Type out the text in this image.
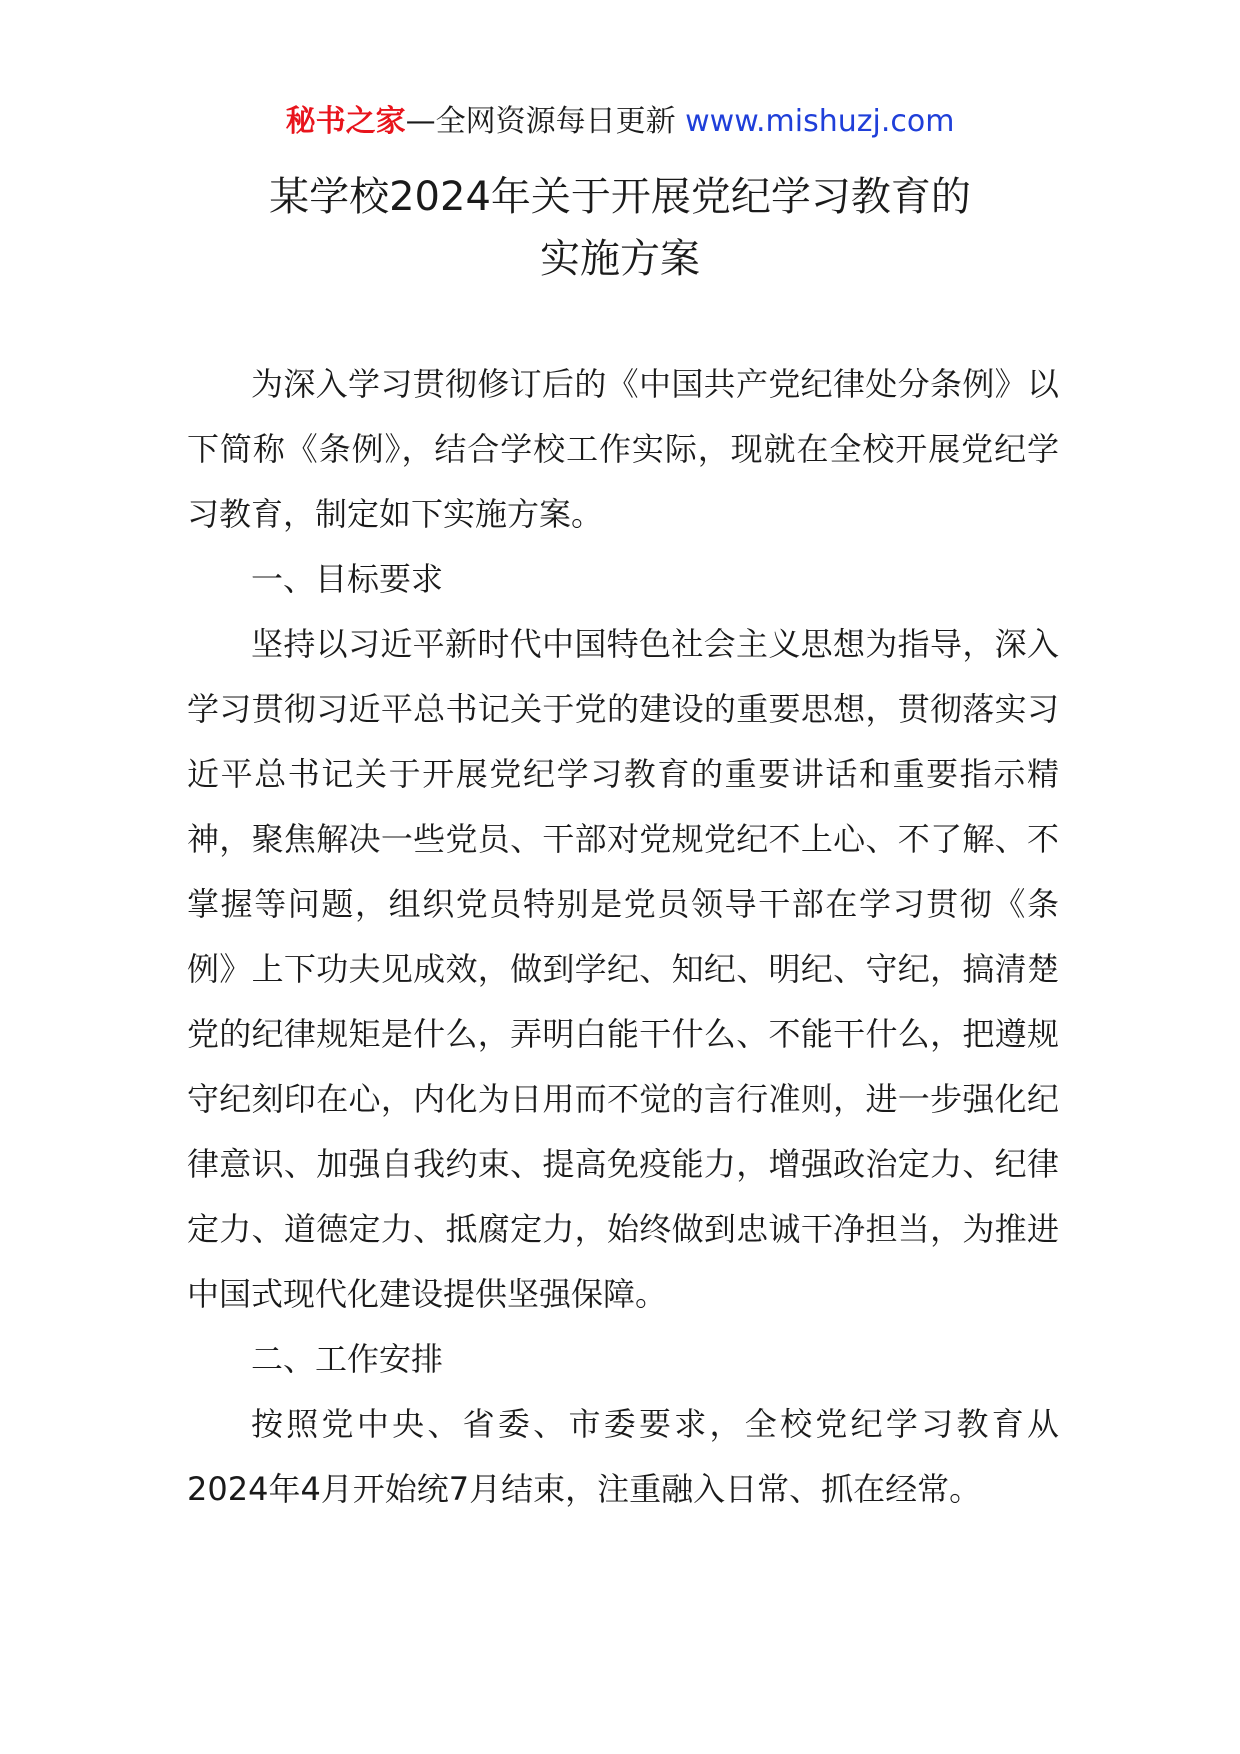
秘书之家—全网资源每日更新 www.mishuzj.com
某学校2024年关于开展党纪学习教育的
实施方案

为深入学习贯彻修订后的《中国共产党纪律处分条例》以下简称《条例》，结合学校工作实际，现就在全校开展党纪学习教育，制定如下实施方案。

一、目标要求

坚持以习近平新时代中国特色社会主义思想为指导，深入学习贯彻习近平总书记关于党的建设的重要思想，贯彻落实习近平总书记关于开展党纪学习教育的重要讲话和重要指示精神，聚焦解决一些党员、干部对党规党纪不上心、不了解、不掌握等问题，组织党员特别是党员领导干部在学习贯彻《条例》上下功夫见成效，做到学纪、知纪、明纪、守纪，搞清楚党的纪律规矩是什么，弄明白能干什么、不能干什么，把遵规守纪刻印在心，内化为日用而不觉的言行准则，进一步强化纪律意识、加强自我约束、提高免疫能力，增强政治定力、纪律定力、道德定力、抵腐定力，始终做到忠诚干净担当，为推进中国式现代化建设提供坚强保障。

二、工作安排

按照党中央、省委、市委要求，全校党纪学习教育从2024年4月开始统7月结束，注重融入日常、抓在经常。
